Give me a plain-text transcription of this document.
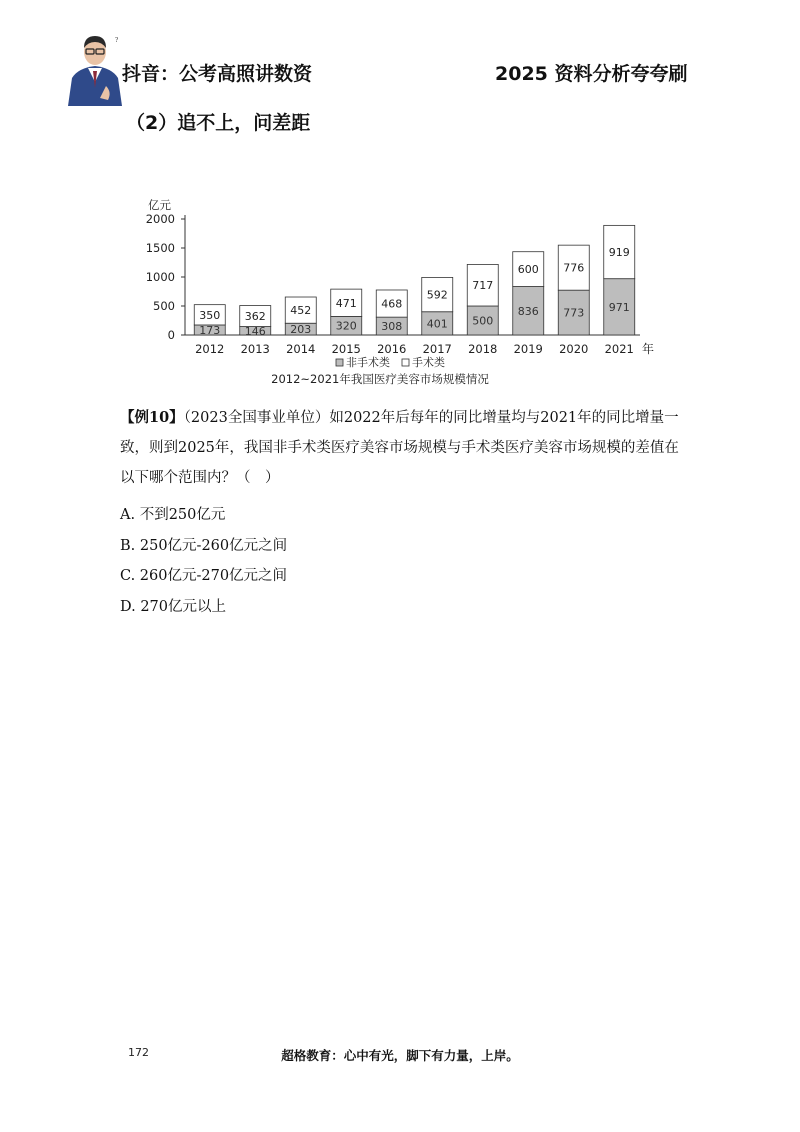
?
抖音：公考高照讲数资	2025 资料分析夸夸刷
（2）追不上，问差距
0
500
1000
1500
2000
亿元
年
173
350
2012
146
362
2013
203
452
2014
320
471
2015
308
468
2016
401
592
2017
500
717
2018
836
600
2019
773
776
2020
971
919
2021
非手术类 手术类
2012~2021年我国医疗美容市场规模情况
【例10】（2023全国事业单位）如2022年后每年的同比增量均与2021年的同比增量一致，则到2025年，我国非手术类医疗美容市场规模与手术类医疗美容市场规模的差值在以下哪个范围内？（　）
A. 不到250亿元
B. 250亿元-260亿元之间
C. 260亿元-270亿元之间
D. 270亿元以上
172	超格教育：心中有光，脚下有力量，上岸。
